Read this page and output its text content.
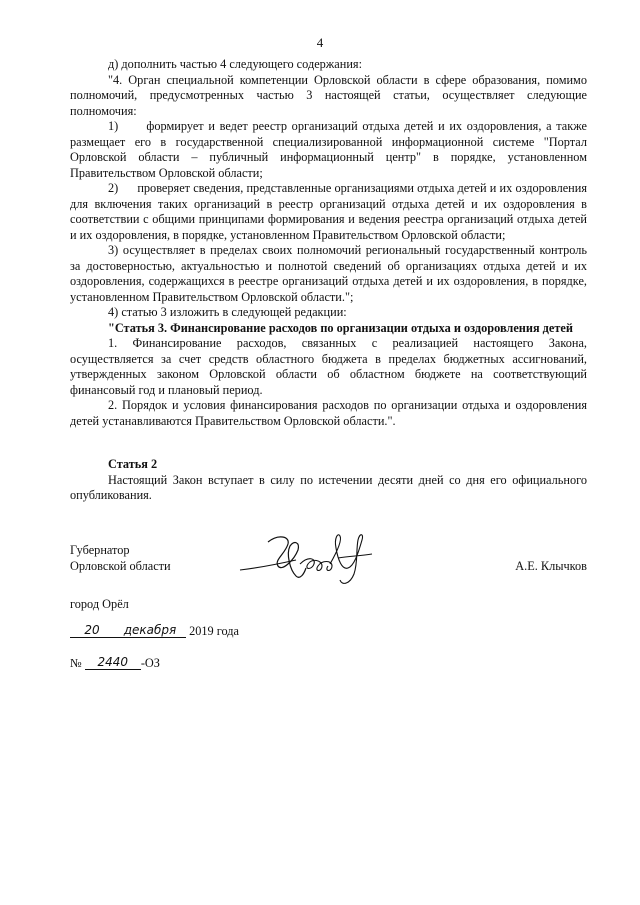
4

д) дополнить частью 4 следующего содержания:

"4. Орган специальной компетенции Орловской области в сфере образования, помимо полномочий, предусмотренных частью 3 настоящей статьи, осуществляет следующие полномочия:

1)      формирует и ведет реестр организаций отдыха детей и их оздоровления, а также размещает его в государственной специализированной информационной системе "Портал Орловской области – публичный информационный центр" в порядке, установленном Правительством Орловской области;

2)      проверяет сведения, представленные организациями отдыха детей и их оздоровления для включения таких организаций в реестр организаций отдыха детей и их оздоровления в соответствии с общими принципами формирования и ведения реестра организаций отдыха детей и их оздоровления, в порядке, установленном Правительством Орловской области;

3) осуществляет в пределах своих полномочий региональный государственный контроль за достоверностью, актуальностью и полнотой сведений об организациях отдыха детей и их оздоровления, содержащихся в реестре организаций отдыха детей и их оздоровления, в порядке, установленном Правительством Орловской области.";

4) статью 3 изложить в следующей редакции:

"Статья 3. Финансирование расходов по организации отдыха и оздоровления детей

1. Финансирование расходов, связанных с реализацией настоящего Закона, осуществляется за счет средств областного бюджета в пределах бюджетных ассигнований, утвержденных законом Орловской области об областном бюджете на соответствующий финансовый год и плановый период.

2. Порядок и условия финансирования расходов по организации отдыха и оздоровления детей устанавливаются Правительством Орловской области.".

Статья 2

Настоящий Закон вступает в силу по истечении десяти дней со дня его официального опубликования.

Губернатор
Орловской области	А.Е. Клычков
город Орёл
20 декабря 2019 года
№ 2440 -ОЗ
